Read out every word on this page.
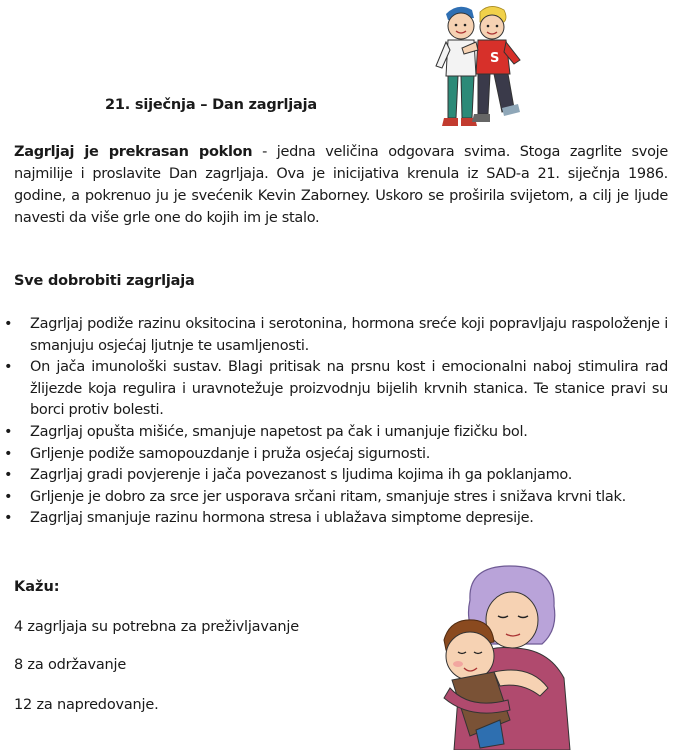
S
21. siječnja – Dan zagrljaja

Zagrljaj je prekrasan poklon - jedna veličina odgovara svima. Stoga zagrlite svoje najmilije i proslavite Dan zagrljaja. Ova je inicijativa krenula iz SAD-a 21. siječnja 1986. godine, a pokrenuo ju je svećenik Kevin Zaborney. Uskoro se proširila svijetom, a cilj je ljude navesti da više grle one do kojih im je stalo.

Sve dobrobiti zagrljaja
• Zagrljaj podiže razinu oksitocina i serotonina, hormona sreće koji popravljaju raspoloženje i smanjuju osjećaj ljutnje te usamljenosti.
• On jača imunološki sustav. Blagi pritisak na prsnu kost i emocionalni naboj stimulira rad žlijezde koja regulira i uravnotežuje proizvodnju bijelih krvnih stanica. Te stanice pravi su borci protiv bolesti.
• Zagrljaj opušta mišiće, smanjuje napetost pa čak i umanjuje fizičku bol.
• Grljenje podiže samopouzdanje i pruža osjećaj sigurnosti.
• Zagrljaj gradi povjerenje i jača povezanost s ljudima kojima ih ga poklanjamo.
• Grljenje je dobro za srce jer usporava srčani ritam, smanjuje stres i snižava krvni tlak.
• Zagrljaj smanjuje razinu hormona stresa i ublažava simptome depresije.
Kažu:
4 zagrljaja su potrebna za preživljavanje
8 za održavanje
12 za napredovanje.
